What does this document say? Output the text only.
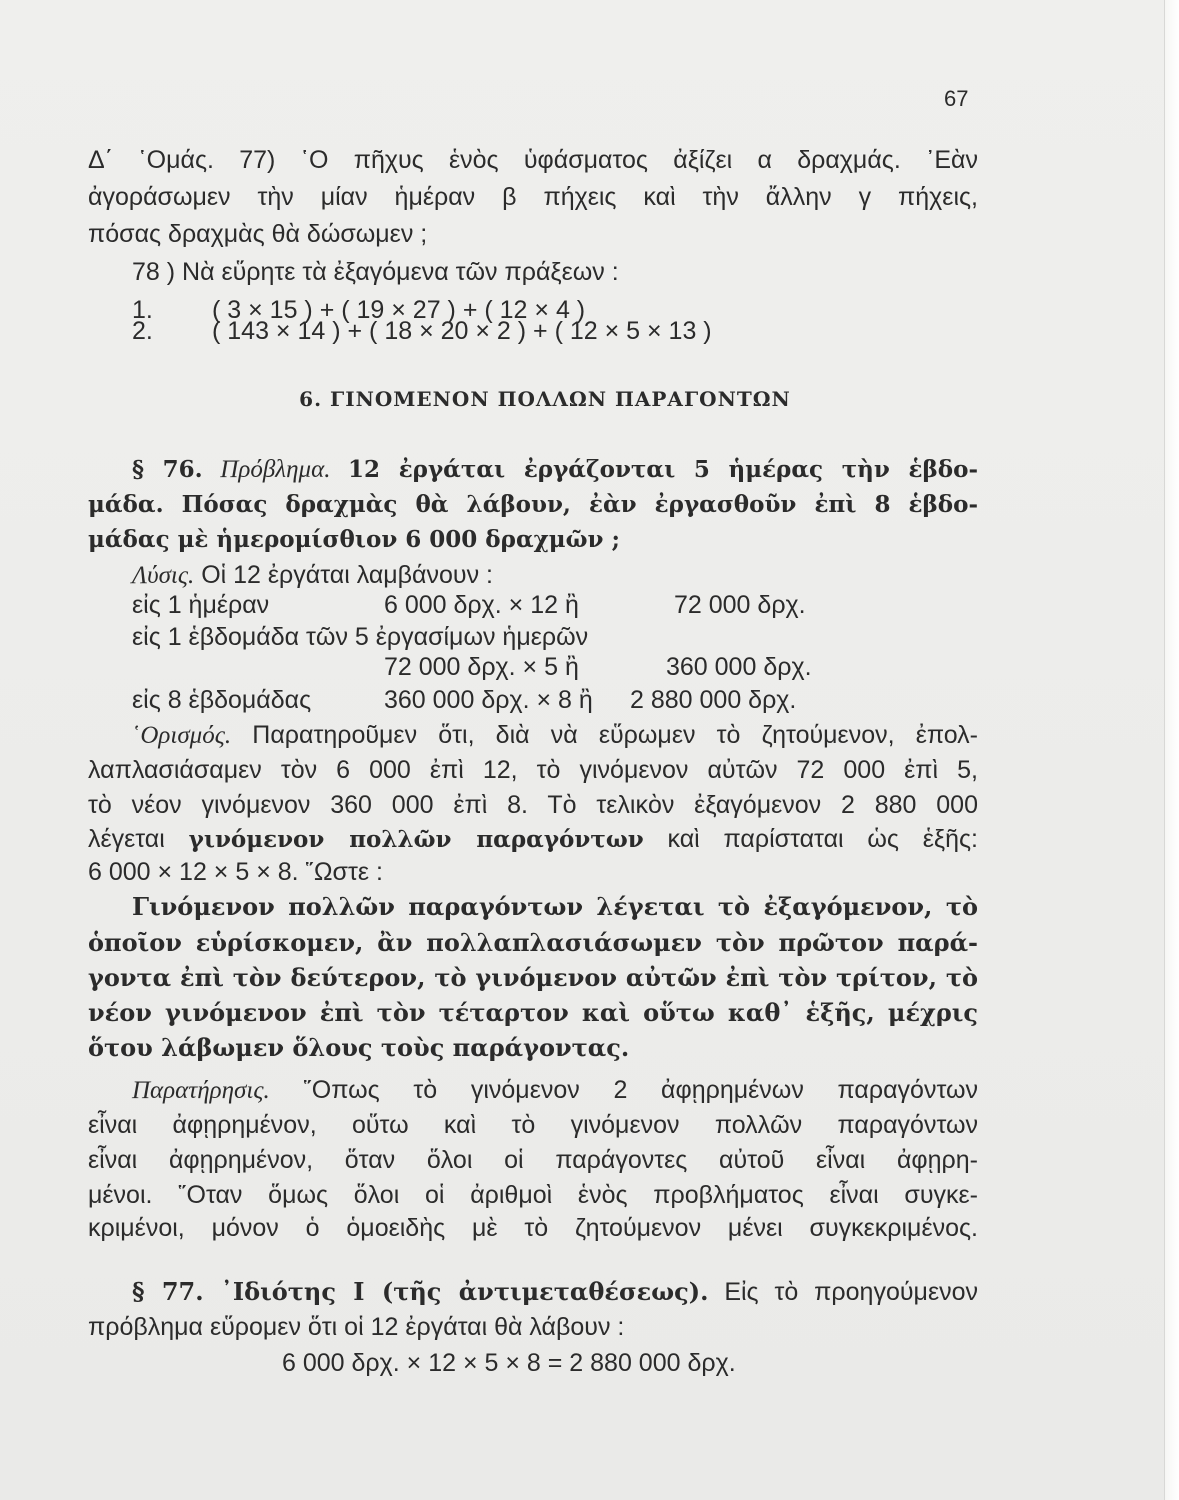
67
Δ΄ ῾Ομάς. 77) ῾Ο πῆχυς ἑνὸς ὑφάσματος ἀξίζει α δραχμάς. ᾽Εὰν
ἀγοράσωμεν τὴν μίαν ἡμέραν β πήχεις καὶ τὴν ἄλλην γ πήχεις,
πόσας δραχμὰς θὰ δώσωμεν ;
78 ) Νὰ εὕρητε τὰ ἐξαγόμενα τῶν πράξεων :
1. ( 3 × 15 ) + ( 19 × 27 ) + ( 12 × 4 )
2. ( 143 × 14 ) + ( 18 × 20 × 2 ) + ( 12 × 5 × 13 )
6. ΓΙΝΟΜΕΝΟΝ ΠΟΛΛΩΝ ΠΑΡΑΓΟΝΤΩΝ
§ 76. Πρόβλημα. 12 ἐργάται ἐργάζονται 5 ἡμέρας τὴν ἑβδο-
μάδα. Πόσας δραχμὰς θὰ λάβουν, ἐὰν ἐργασθοῦν ἐπὶ 8 ἑβδο-
μάδας μὲ ἡμερομίσθιον 6 000 δραχμῶν ;
Λύσις. Οἱ 12 ἐργάται λαμβάνουν :
εἰς 1 ἡμέραν	6 000 δρχ. × 12 ἢ	72 000 δρχ.
εἰς 1 ἑβδομάδα τῶν 5 ἐργασίμων ἡμερῶν
72 000 δρχ. × 5 ἢ	360 000 δρχ.
εἰς 8 ἑβδομάδας	360 000 δρχ. × 8 ἢ 2 880 000 δρχ.
῾Ορισμός. Παρατηροῦμεν ὅτι, διὰ νὰ εὕρωμεν τὸ ζητούμενον, ἐπολ-
λαπλασιάσαμεν τὸν 6 000 ἐπὶ 12, τὸ γινόμενον αὐτῶν 72 000 ἐπὶ 5,
τὸ νέον γινόμενον 360 000 ἐπὶ 8. Τὸ τελικὸν ἐξαγόμενον 2 880 000
λέγεται γινόμενον πολλῶν παραγόντων καὶ παρίσταται ὡς ἑξῆς:
6 000 × 12 × 5 × 8. ῞Ωστε :
Γινόμενον πολλῶν παραγόντων λέγεται τὸ ἐξαγόμενον, τὸ
ὁποῖον εὑρίσκομεν, ἂν πολλαπλασιάσωμεν τὸν πρῶτον παρά-
γοντα ἐπὶ τὸν δεύτερον, τὸ γινόμενον αὐτῶν ἐπὶ τὸν τρίτον, τὸ
νέον γινόμενον ἐπὶ τὸν τέταρτον καὶ οὕτω καθ᾽ ἑξῆς, μέχρις
ὅτου λάβωμεν ὅλους τοὺς παράγοντας.
Παρατήρησις. ῞Οπως τὸ γινόμενον 2 ἀφῃρημένων παραγόντων
εἶναι ἀφῃρημένον, οὕτω καὶ τὸ γινόμενον πολλῶν παραγόντων
εἶναι ἀφῃρημένον, ὅταν ὅλοι οἱ παράγοντες αὐτοῦ εἶναι ἀφῃρη-
μένοι. ῞Οταν ὅμως ὅλοι οἱ ἀριθμοὶ ἑνὸς προβλήματος εἶναι συγκε-
κριμένοι, μόνον ὁ ὁμοειδὴς μὲ τὸ ζητούμενον μένει συγκεκριμένος.
§ 77. ᾽Ιδιότης Ι (τῆς ἀντιμεταθέσεως). Εἰς τὸ προηγούμενον
πρόβλημα εὕρομεν ὅτι οἱ 12 ἐργάται θὰ λάβουν :
6 000 δρχ. × 12 × 5 × 8 = 2 880 000 δρχ.
